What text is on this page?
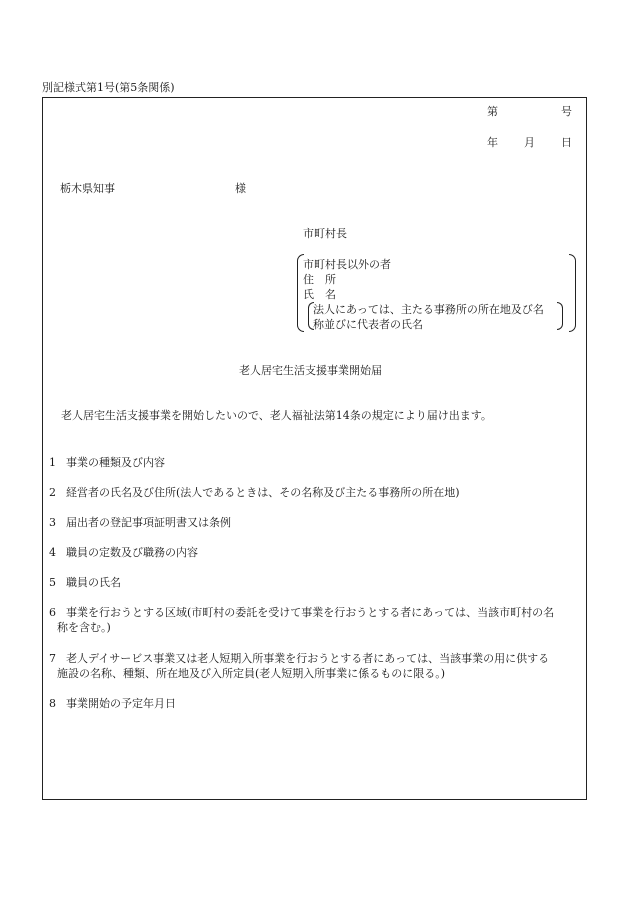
別記様式第1号(第5条関係)
第	号
年 月 日
栃木県知事	様
市町村長
市町村長以外の者
住　所
氏　名
法人にあっては、主たる事務所の所在地及び名
称並びに代表者の氏名
老人居宅生活支援事業開始届
老人居宅生活支援事業を開始したいので、老人福祉法第14条の規定により届け出ます。
1 事業の種類及び内容
2 経営者の氏名及び住所(法人であるときは、その名称及び主たる事務所の所在地)
3 届出者の登記事項証明書又は条例
4 職員の定数及び職務の内容
5 職員の氏名
6 事業を行おうとする区域(市町村の委託を受けて事業を行おうとする者にあっては、当該市町村の名
称を含む。)
7 老人デイサービス事業又は老人短期入所事業を行おうとする者にあっては、当該事業の用に供する
施設の名称、種類、所在地及び入所定員(老人短期入所事業に係るものに限る。)
8 事業開始の予定年月日
